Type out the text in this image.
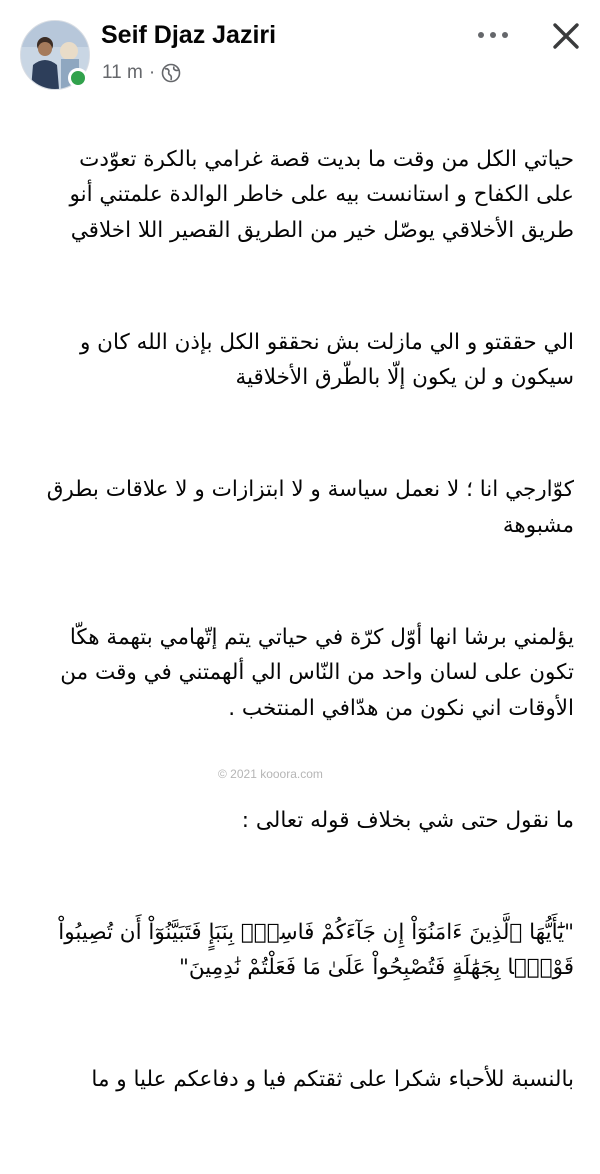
Seif Djaz Jaziri
11 m ·

حياتي الكل من وقت ما بديت قصة غرامي بالكرة تعوّدت
على الكفاح و استانست بيه على خاطر الوالدة علمتني أنو
طريق الأخلاقي يوصّل خير من الطريق القصير اللا اخلاقي

الي حققتو و الي مازلت بش نحققو الكل بإذن الله كان و
سيكون و لن يكون إلّا بالطّرق الأخلاقية

كوّارجي انا ؛ لا نعمل سياسة و لا ابتزازات و لا علاقات بطرق
مشبوهة

يؤلمني برشا انها أوّل كرّة في حياتي يتم إتّهامي بتهمة هكّا
تكون على لسان واحد من النّاس الي ألهمتني في وقت من
الأوقات اني نكون من هدّافي المنتخب .

ما نقول حتى شي بخلاف قوله تعالى :

"يَٰٓأَيُّهَا ٱلَّذِينَ ءَامَنُوٓاْ إِن جَآءَكُمْ فَاسِقُۢ بِنَبَإٍ فَتَبَيَّنُوٓاْ أَن تُصِيبُواْ
قَوْمًۢا بِجَهَٰلَةٍ فَتُصْبِحُواْ عَلَىٰ مَا فَعَلْتُمْ نَٰدِمِينَ"

بالنسبة للأحباء شكرا على ثقتكم فيا و دفاعكم عليا و ما

© 2021 kooora.com
